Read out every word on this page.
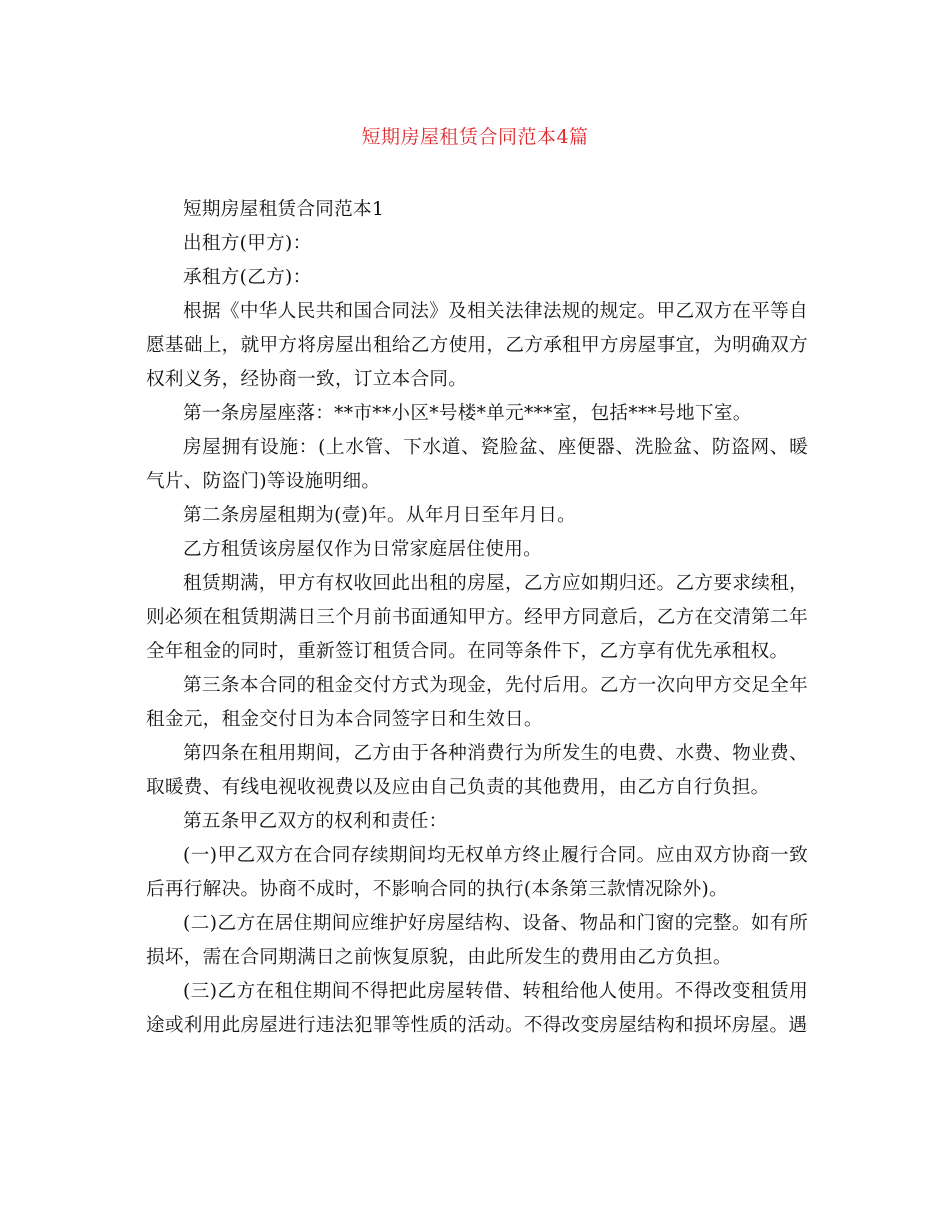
短期房屋租赁合同范本4篇

短期房屋租赁合同范本1

出租方(甲方)：

承租方(乙方)：

根据《中华人民共和国合同法》及相关法律法规的规定。甲乙双方在平等自愿基础上，就甲方将房屋出租给乙方使用，乙方承租甲方房屋事宜，为明确双方权利义务，经协商一致，订立本合同。

第一条房屋座落：**市**小区*号楼*单元***室，包括***号地下室。

房屋拥有设施：(上水管、下水道、瓷脸盆、座便器、洗脸盆、防盗网、暖气片、防盗门)等设施明细。

第二条房屋租期为(壹)年。从年月日至年月日。

乙方租赁该房屋仅作为日常家庭居住使用。

租赁期满，甲方有权收回此出租的房屋，乙方应如期归还。乙方要求续租，则必须在租赁期满日三个月前书面通知甲方。经甲方同意后，乙方在交清第二年全年租金的同时，重新签订租赁合同。在同等条件下，乙方享有优先承租权。

第三条本合同的租金交付方式为现金，先付后用。乙方一次向甲方交足全年租金元，租金交付日为本合同签字日和生效日。

第四条在租用期间，乙方由于各种消费行为所发生的电费、水费、物业费、取暖费、有线电视收视费以及应由自己负责的其他费用，由乙方自行负担。

第五条甲乙双方的权利和责任：

(一)甲乙双方在合同存续期间均无权单方终止履行合同。应由双方协商一致后再行解决。协商不成时，不影响合同的执行(本条第三款情况除外)。

(二)乙方在居住期间应维护好房屋结构、设备、物品和门窗的完整。如有所损坏，需在合同期满日之前恢复原貌，由此所发生的费用由乙方负担。

(三)乙方在租住期间不得把此房屋转借、转租给他人使用。不得改变租赁用途或利用此房屋进行违法犯罪等性质的活动。不得改变房屋结构和损坏房屋。遇
